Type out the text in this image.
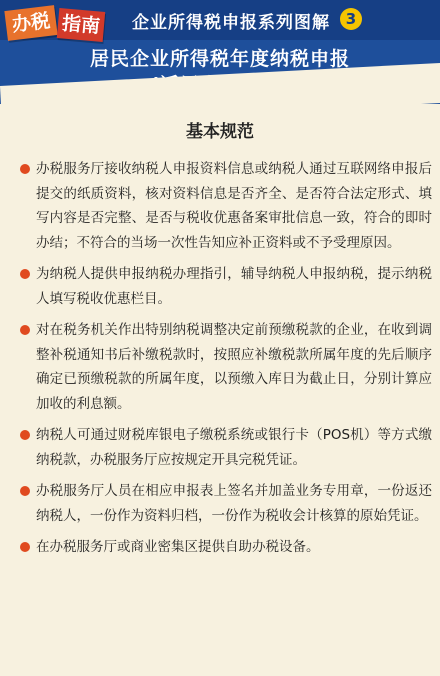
办税 指南 企业所得税申报系列图解	3
居民企业所得税年度纳税申报
基本规范
办税服务厅接收纳税人申报资料信息或纳税人通过互联网络申报后提交的纸质资料，核对资料信息是否齐全、是否符合法定形式、填写内容是否完整、是否与税收优惠备案审批信息一致，符合的即时办结；不符合的当场一次性告知应补正资料或不予受理原因。
为纳税人提供申报纳税办理指引，辅导纳税人申报纳税，提示纳税人填写税收优惠栏目。
对在税务机关作出特别纳税调整决定前预缴税款的企业，在收到调整补税通知书后补缴税款时，按照应补缴税款所属年度的先后顺序确定已预缴税款的所属年度，以预缴入库日为截止日，分别计算应加收的利息额。
纳税人可通过财税库银电子缴税系统或银行卡（POS机）等方式缴纳税款，办税服务厅应按规定开具完税凭证。
办税服务厅人员在相应申报表上签名并加盖业务专用章，一份返还纳税人，一份作为资料归档，一份作为税收会计核算的原始凭证。
在办税服务厅或商业密集区提供自助办税设备。
